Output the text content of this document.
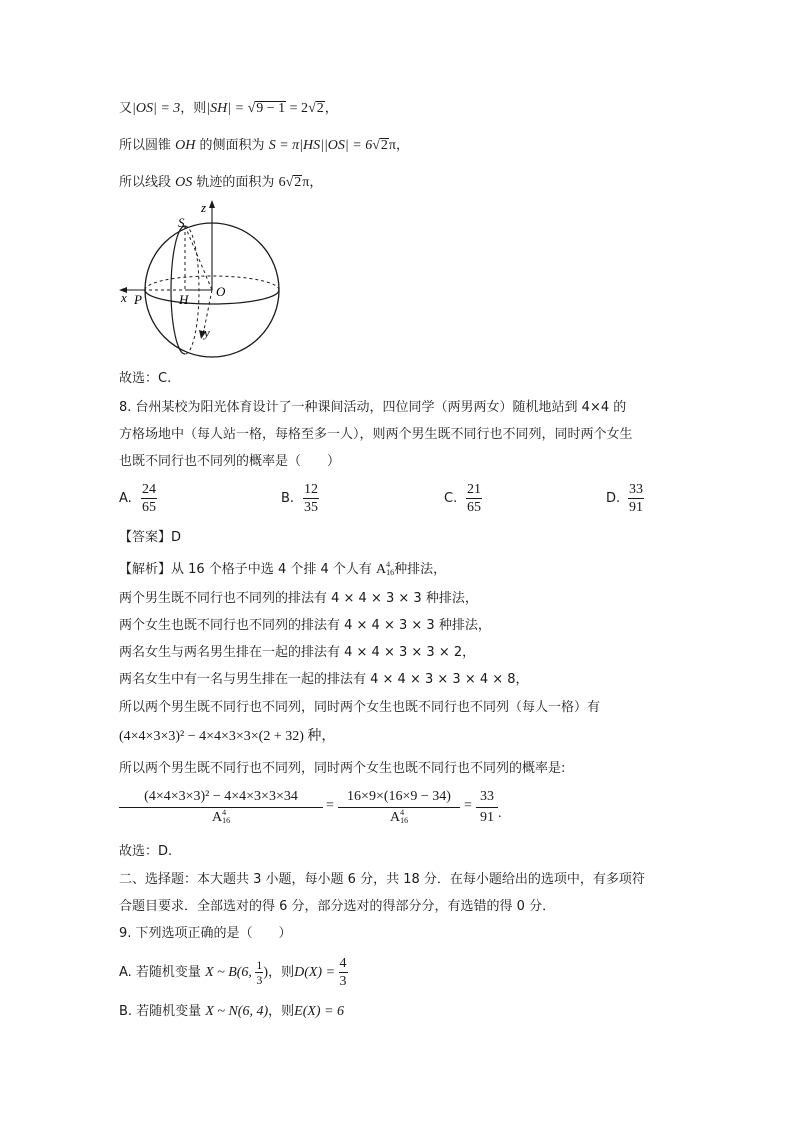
又|OS| = 3，则|SH| = √9 − 1 = 2√2，
所以圆锥 OH 的侧面积为 S = π|HS||OS| = 6√2π，
所以线段 OS 轨迹的面积为 6√2π，
S
z
x P	H
O
y
故选：C.
8. 台州某校为阳光体育设计了一种课间活动，四位同学（两男两女）随机地站到 4×4 的
方格场地中（每人站一格，每格至多一人），则两个男生既不同行也不同列，同时两个女生
也既不同行也不同列的概率是（　　）
A. $\frac{24}{65}$	B. $\frac{12}{35}$	C. $\frac{21}{65}$	D. $\frac{33}{91}$
【答案】D
【解析】从 16 个格子中选 4 个排 4 个人有 A 4
16 种排法，
两个男生既不同行也不同列的排法有 4 × 4 × 3 × 3 种排法，
两个女生也既不同行也不同列的排法有 4 × 4 × 3 × 3 种排法，
两名女生与两名男生排在一起的排法有 4 × 4 × 3 × 3 × 2，
两名女生中有一名与男生排在一起的排法有 4 × 4 × 3 × 3 × 4 × 8，
所以两个男生既不同行也不同列，同时两个女生也既不同行也不同列（每人一格）有
(4×4×3×3)² − 4×4×3×3×(2 + 32) 种，
所以两个男生既不同行也不同列，同时两个女生也既不同行也不同列的概率是:
(4×4×3×3)² − 4×4×3×3×34
A 4
16 = 16×9×(16×9 − 34)
A 4
$16 = \frac{33}{91}$ .
故选：D.
二、选择题：本大题共 3 小题，每小题 6 分，共 18 分．在每小题给出的选项中，有多项符
合题目要求．全部选对的得 6 分，部分选对的得部分分，有选错的得 0 分．
9. 下列选项正确的是（　　）
A. 若随机变量 X ~ B(6, $\frac{1}{3}$ )，则$D(X) = \frac{4}{3}$
B. 若随机变量 X ~ N(6, 4)，则E(X) = 6
